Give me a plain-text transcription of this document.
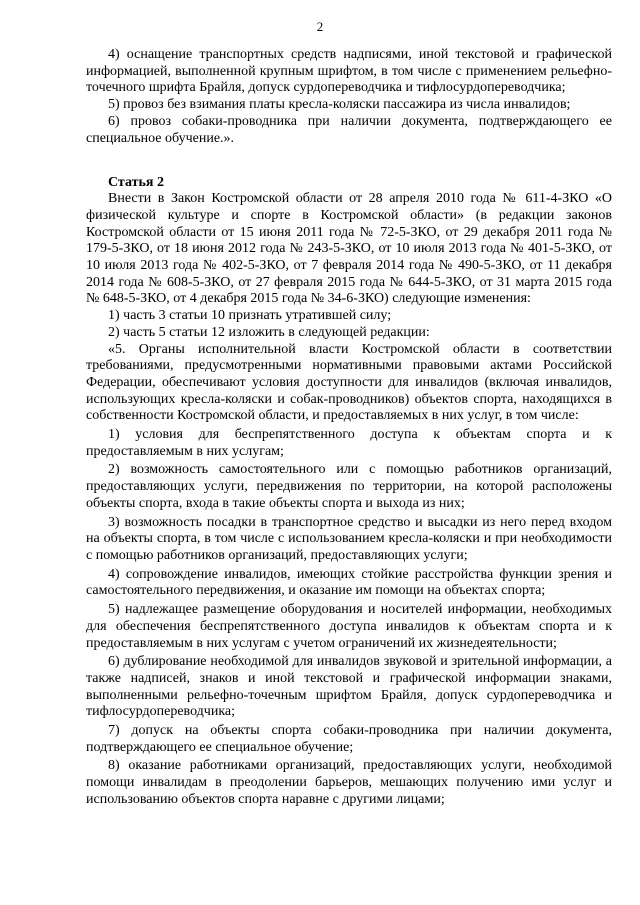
2

4) оснащение транспортных средств надписями, иной текстовой и графической информацией, выполненной крупным шрифтом, в том числе с применением рельефно-точечного шрифта Брайля, допуск сурдопереводчика и тифлосурдопереводчика;

5) провоз без взимания платы кресла-коляски пассажира из числа инвалидов;

6) провоз собаки-проводника при наличии документа, подтверждающего ее специальное обучение.».

Статья 2

Внести в Закон Костромской области от 28 апреля 2010 года № 611-4-ЗКО «О физической культуре и спорте в Костромской области» (в редакции законов Костромской области от 15 июня 2011 года № 72-5-ЗКО, от 29 декабря 2011 года № 179-5-ЗКО, от 18 июня 2012 года № 243-5-ЗКО, от 10 июля 2013 года № 401-5-ЗКО, от 10 июля 2013 года № 402-5-ЗКО, от 7 февраля 2014 года № 490-5-ЗКО, от 11 декабря 2014 года № 608-5-ЗКО, от 27 февраля 2015 года № 644-5-ЗКО, от 31 марта 2015 года № 648-5-ЗКО, от 4 декабря 2015 года № 34-6-ЗКО) следующие изменения:

1) часть 3 статьи 10 признать утратившей силу;

2) часть 5 статьи 12 изложить в следующей редакции:

«5. Органы исполнительной власти Костромской области в соответствии требованиями, предусмотренными нормативными правовыми актами Российской Федерации, обеспечивают условия доступности для инвалидов (включая инвалидов, использующих кресла-коляски и собак-проводников) объектов спорта, находящихся в собственности Костромской области, и предоставляемых в них услуг, в том числе:

1) условия для беспрепятственного доступа к объектам спорта и к предоставляемым в них услугам;

2) возможность самостоятельного или с помощью работников организаций, предоставляющих услуги, передвижения по территории, на которой расположены объекты спорта, входа в такие объекты спорта и выхода из них;

3) возможность посадки в транспортное средство и высадки из него перед входом на объекты спорта, в том числе с использованием кресла-коляски и при необходимости с помощью работников организаций, предоставляющих услуги;

4) сопровождение инвалидов, имеющих стойкие расстройства функции зрения и самостоятельного передвижения, и оказание им помощи на объектах спорта;

5) надлежащее размещение оборудования и носителей информации, необходимых для обеспечения беспрепятственного доступа инвалидов к объектам спорта и к предоставляемым в них услугам с учетом ограничений их жизнедеятельности;

6) дублирование необходимой для инвалидов звуковой и зрительной информации, а также надписей, знаков и иной текстовой и графической информации знаками, выполненными рельефно-точечным шрифтом Брайля, допуск сурдопереводчика и тифлосурдопереводчика;

7) допуск на объекты спорта собаки-проводника при наличии документа, подтверждающего ее специальное обучение;

8) оказание работниками организаций, предоставляющих услуги, необходимой помощи инвалидам в преодолении барьеров, мешающих получению ими услуг и использованию объектов спорта наравне с другими лицами;
